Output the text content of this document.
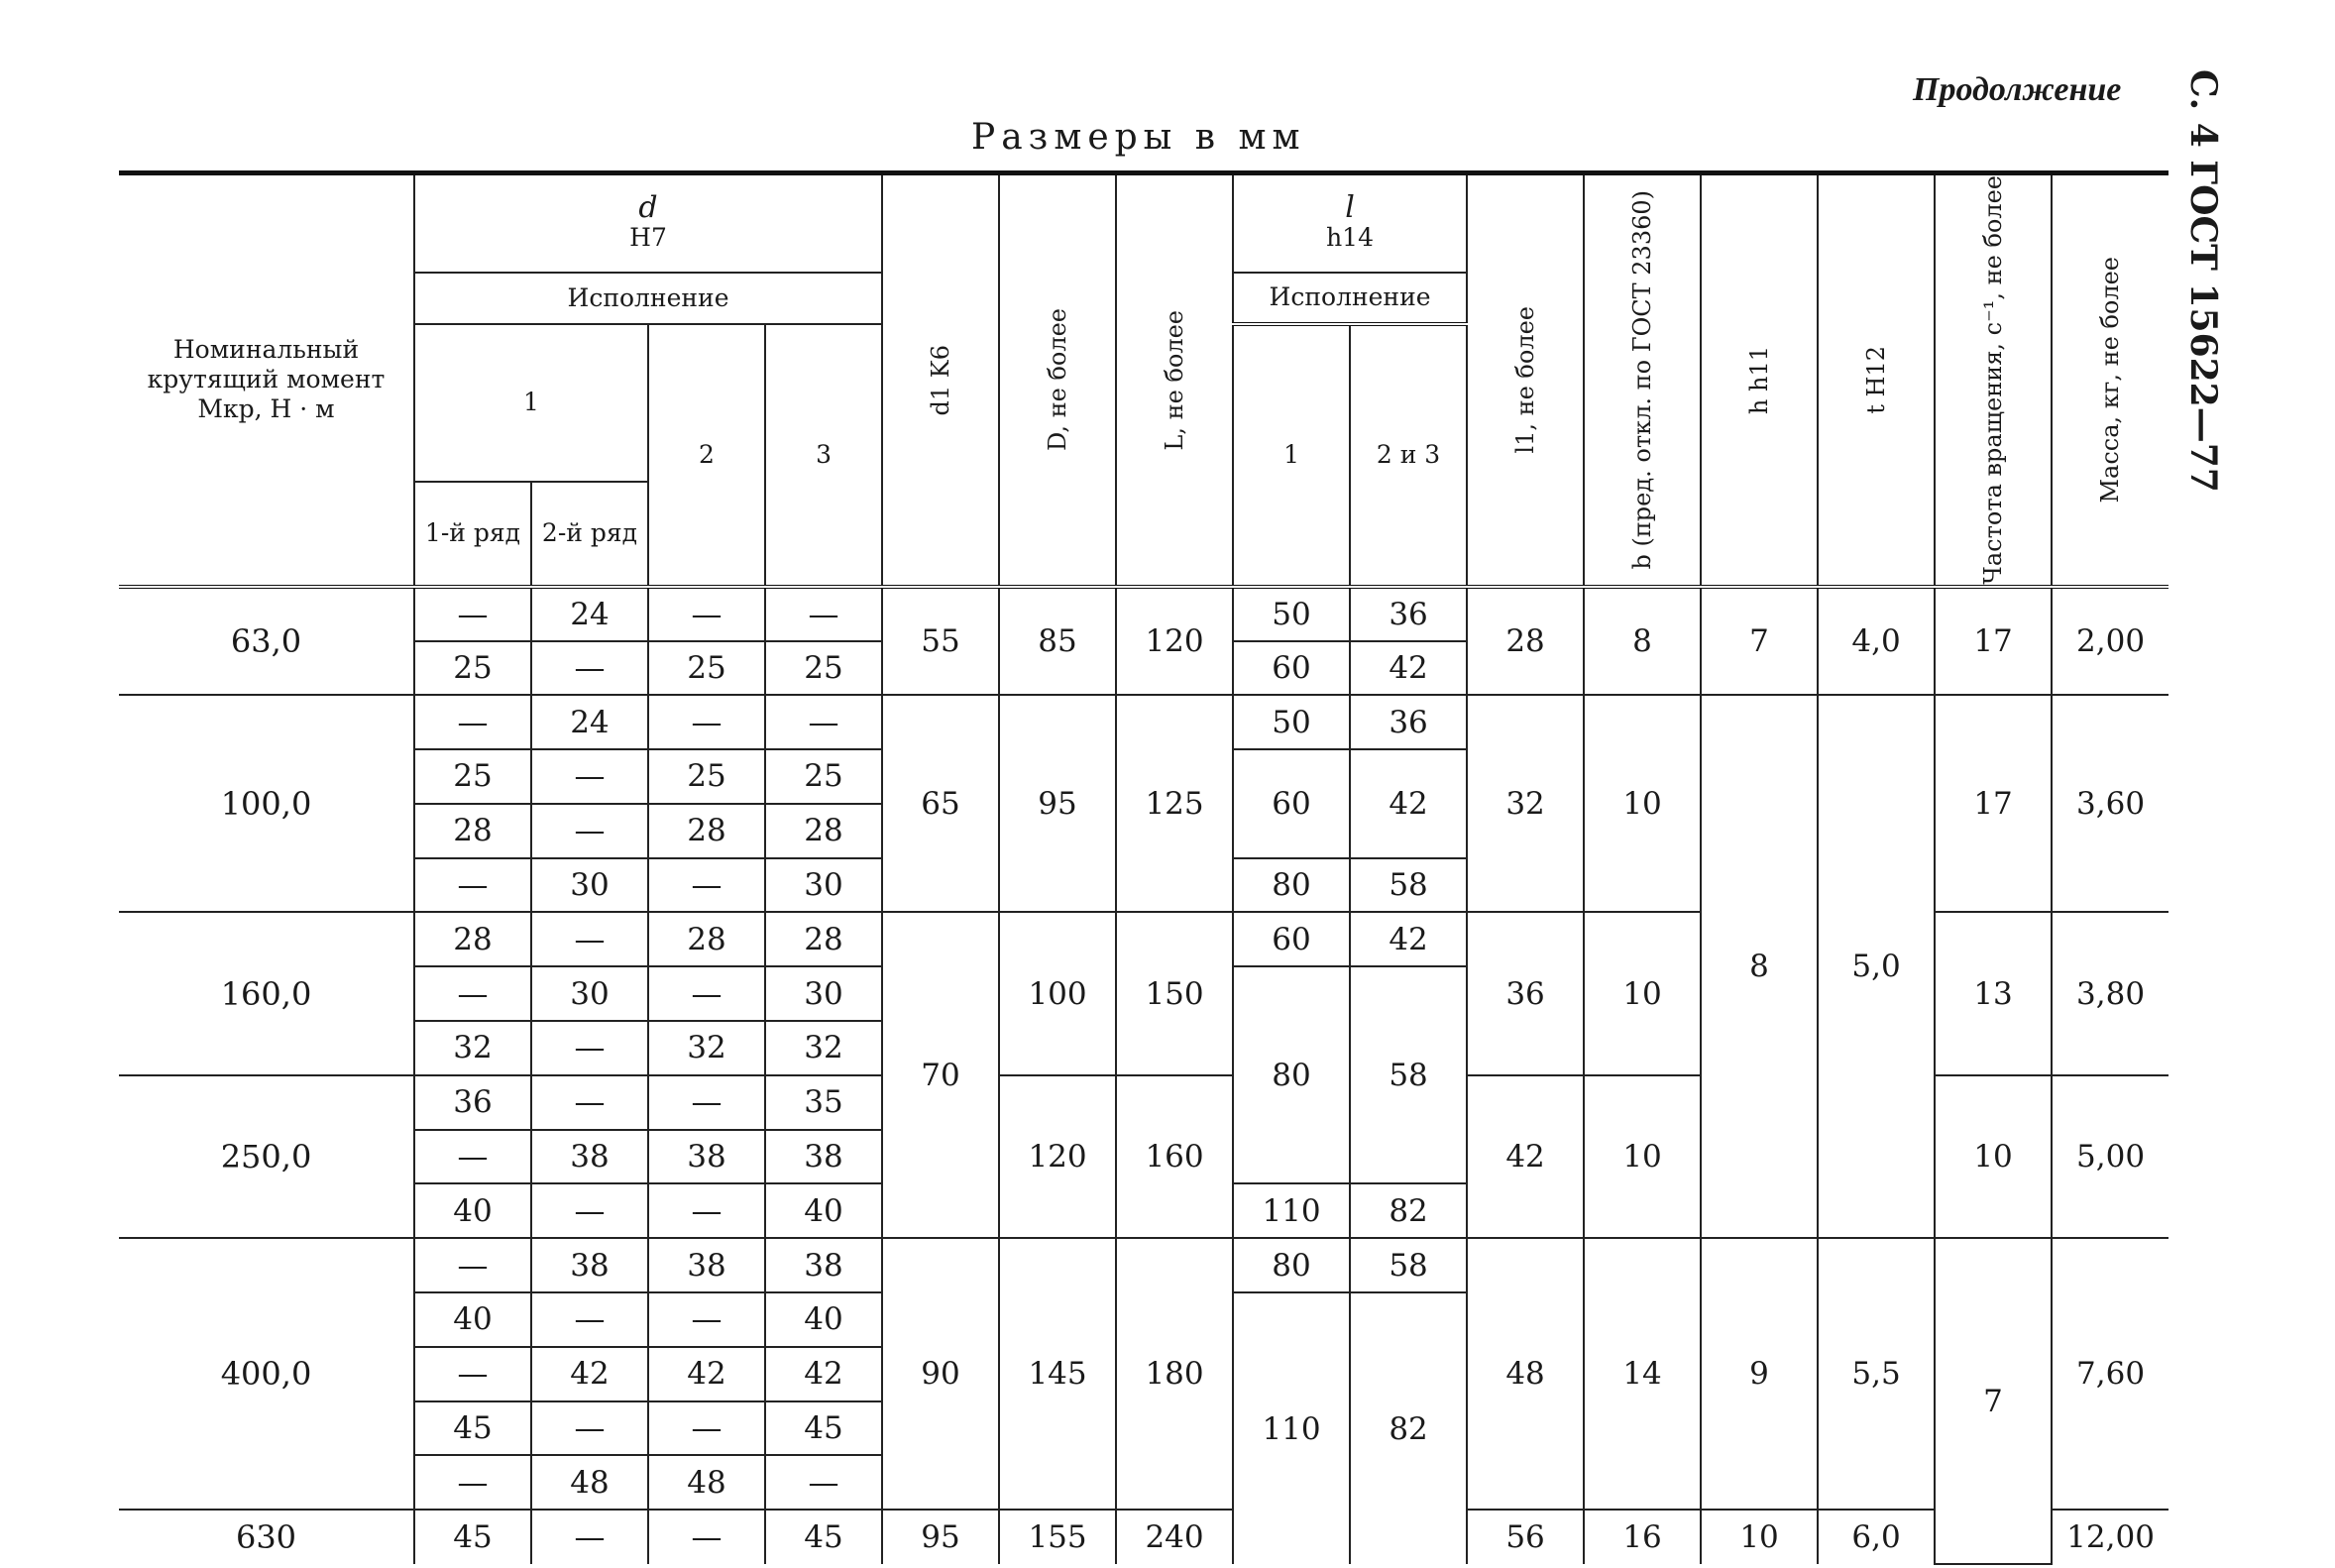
Продолжение
Размеры в мм	С. 4 ГОСТ 15622—77
Номинальный крутящий момент Мкр, Н · м	d
H7				d1 K6	D, не более	L, не более	l
h14		l1, не более	b (пред. откл. по ГОСТ 23360)	h h11	t H12	Частота вращения, с⁻¹, не более	Масса, кг, не более

	Исполнение							Исполнение							
	1		2	3				1	2 и 3						
	1-й ряд	2-й ряд													
63,0	—	24	—	—	55	85	120	50	36	28	8	7	4,0	17	2,00
	25	—	25	25				60	42						
100,0	—	24	—	—	65	95	125	50	36	32	10	8	5,0	17	3,60
	25	—	25	25				60	42						
	28	—	28	28											
	—	30	—	30				80	58						
160,0	28	—	28	28	70	100	150	60	42	36	10			13	3,80
	—	30	—	30				80	58						
	32	—	32	32											
250,0	36	—	—	35		120	160			42	10			10	5,00
	—	38	38	38											
	40	—	—	40				110	82						
400,0	—	38	38	38	90	145	180	80	58	48	14	9	5,5	7	7,60
	40	—	—	40				110	82						
	—	42	42	42											
	45	—	—	45											
	—	48	48	—											
630	45	—	—	45	95	155	240			56	16	10	6,0		12,00
